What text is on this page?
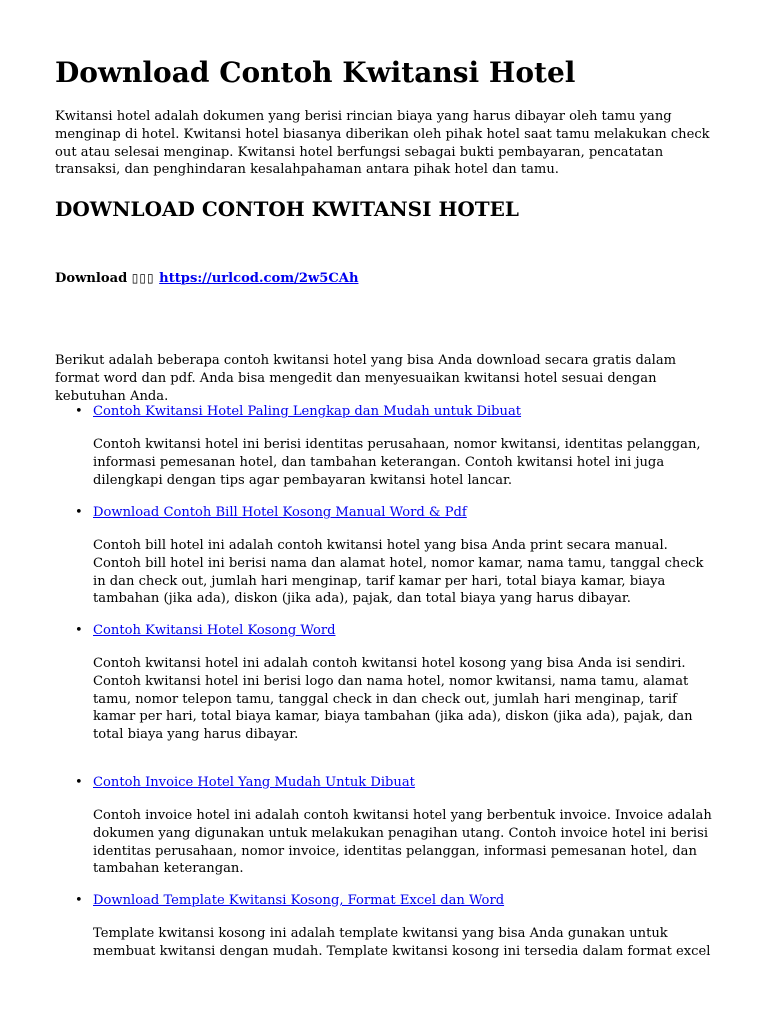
Download Contoh Kwitansi Hotel

Kwitansi hotel adalah dokumen yang berisi rincian biaya yang harus dibayar oleh tamu yang menginap di hotel. Kwitansi hotel biasanya diberikan oleh pihak hotel saat tamu melakukan check out atau selesai menginap. Kwitansi hotel berfungsi sebagai bukti pembayaran, pencatatan transaksi, dan penghindaran kesalahpahaman antara pihak hotel dan tamu.

DOWNLOAD CONTOH KWITANSI HOTEL

Download ▯▯▯ https://urlcod.com/2w5CAh

Berikut adalah beberapa contoh kwitansi hotel yang bisa Anda download secara gratis dalam format word dan pdf. Anda bisa mengedit dan menyesuaikan kwitansi hotel sesuai dengan kebutuhan Anda.

• Contoh Kwitansi Hotel Paling Lengkap dan Mudah untuk Dibuat

Contoh kwitansi hotel ini berisi identitas perusahaan, nomor kwitansi, identitas pelanggan, informasi pemesanan hotel, dan tambahan keterangan. Contoh kwitansi hotel ini juga dilengkapi dengan tips agar pembayaran kwitansi hotel lancar.

• Download Contoh Bill Hotel Kosong Manual Word & Pdf

Contoh bill hotel ini adalah contoh kwitansi hotel yang bisa Anda print secara manual. Contoh bill hotel ini berisi nama dan alamat hotel, nomor kamar, nama tamu, tanggal check in dan check out, jumlah hari menginap, tarif kamar per hari, total biaya kamar, biaya tambahan (jika ada), diskon (jika ada), pajak, dan total biaya yang harus dibayar.

• Contoh Kwitansi Hotel Kosong Word

Contoh kwitansi hotel ini adalah contoh kwitansi hotel kosong yang bisa Anda isi sendiri. Contoh kwitansi hotel ini berisi logo dan nama hotel, nomor kwitansi, nama tamu, alamat tamu, nomor telepon tamu, tanggal check in dan check out, jumlah hari menginap, tarif kamar per hari, total biaya kamar, biaya tambahan (jika ada), diskon (jika ada), pajak, dan total biaya yang harus dibayar.

• Contoh Invoice Hotel Yang Mudah Untuk Dibuat

Contoh invoice hotel ini adalah contoh kwitansi hotel yang berbentuk invoice. Invoice adalah dokumen yang digunakan untuk melakukan penagihan utang. Contoh invoice hotel ini berisi identitas perusahaan, nomor invoice, identitas pelanggan, informasi pemesanan hotel, dan tambahan keterangan.

• Download Template Kwitansi Kosong, Format Excel dan Word

Template kwitansi kosong ini adalah template kwitansi yang bisa Anda gunakan untuk membuat kwitansi dengan mudah. Template kwitansi kosong ini tersedia dalam format excel
